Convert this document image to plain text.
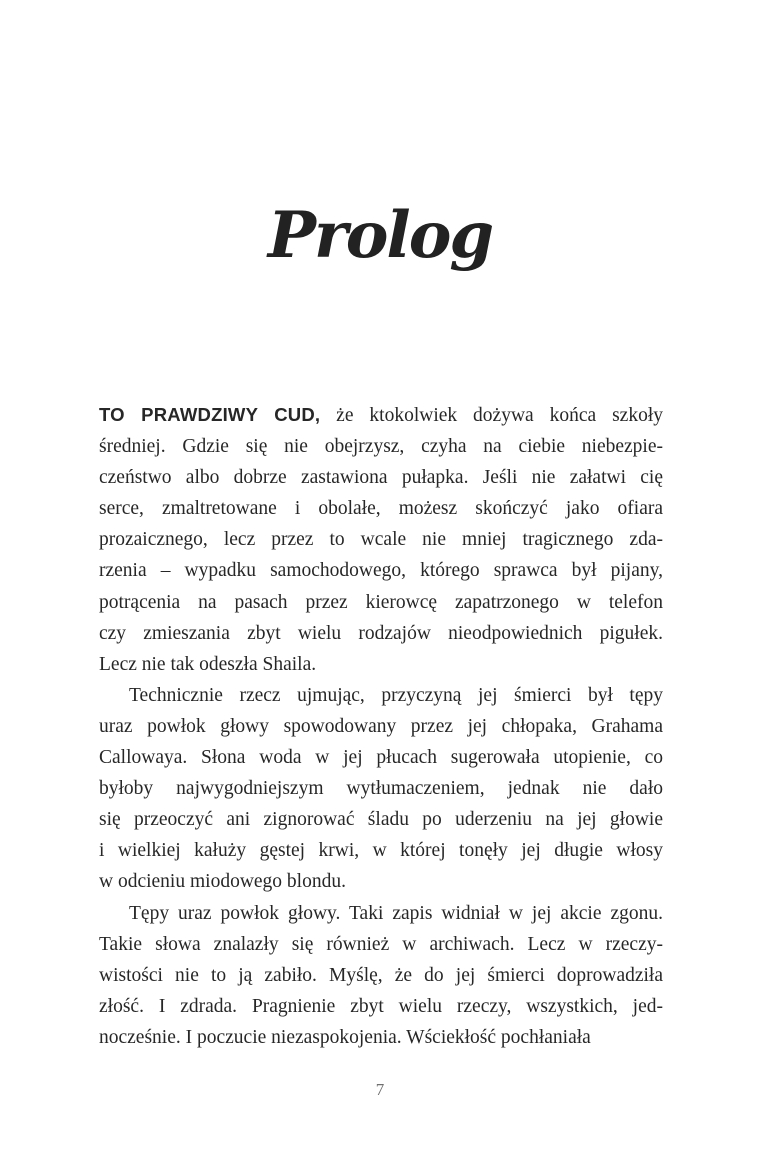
Prolog
TO PRAWDZIWY CUD, że ktokolwiek dożywa końca szkoły
średniej. Gdzie się nie obejrzysz, czyha na ciebie niebezpie-
czeństwo albo dobrze zastawiona pułapka. Jeśli nie załatwi cię
serce, zmaltretowane i obolałe, możesz skończyć jako ofiara
prozaicznego, lecz przez to wcale nie mniej tragicznego zda-
rzenia – wypadku samochodowego, którego sprawca był pijany,
potrącenia na pasach przez kierowcę zapatrzonego w telefon
czy zmieszania zbyt wielu rodzajów nieodpowiednich pigułek.
Lecz nie tak odeszła Shaila.
Technicznie rzecz ujmując, przyczyną jej śmierci był tępy
uraz powłok głowy spowodowany przez jej chłopaka, Grahama
Callowaya. Słona woda w jej płucach sugerowała utopienie, co
byłoby najwygodniejszym wytłumaczeniem, jednak nie dało
się przeoczyć ani zignorować śladu po uderzeniu na jej głowie
i wielkiej kałuży gęstej krwi, w której tonęły jej długie włosy
w odcieniu miodowego blondu.
Tępy uraz powłok głowy. Taki zapis widniał w jej akcie zgonu.
Takie słowa znalazły się również w archiwach. Lecz w rzeczy-
wistości nie to ją zabiło. Myślę, że do jej śmierci doprowadziła
złość. I zdrada. Pragnienie zbyt wielu rzeczy, wszystkich, jed-
nocześnie. I poczucie niezaspokojenia. Wściekłość pochłaniała
7
